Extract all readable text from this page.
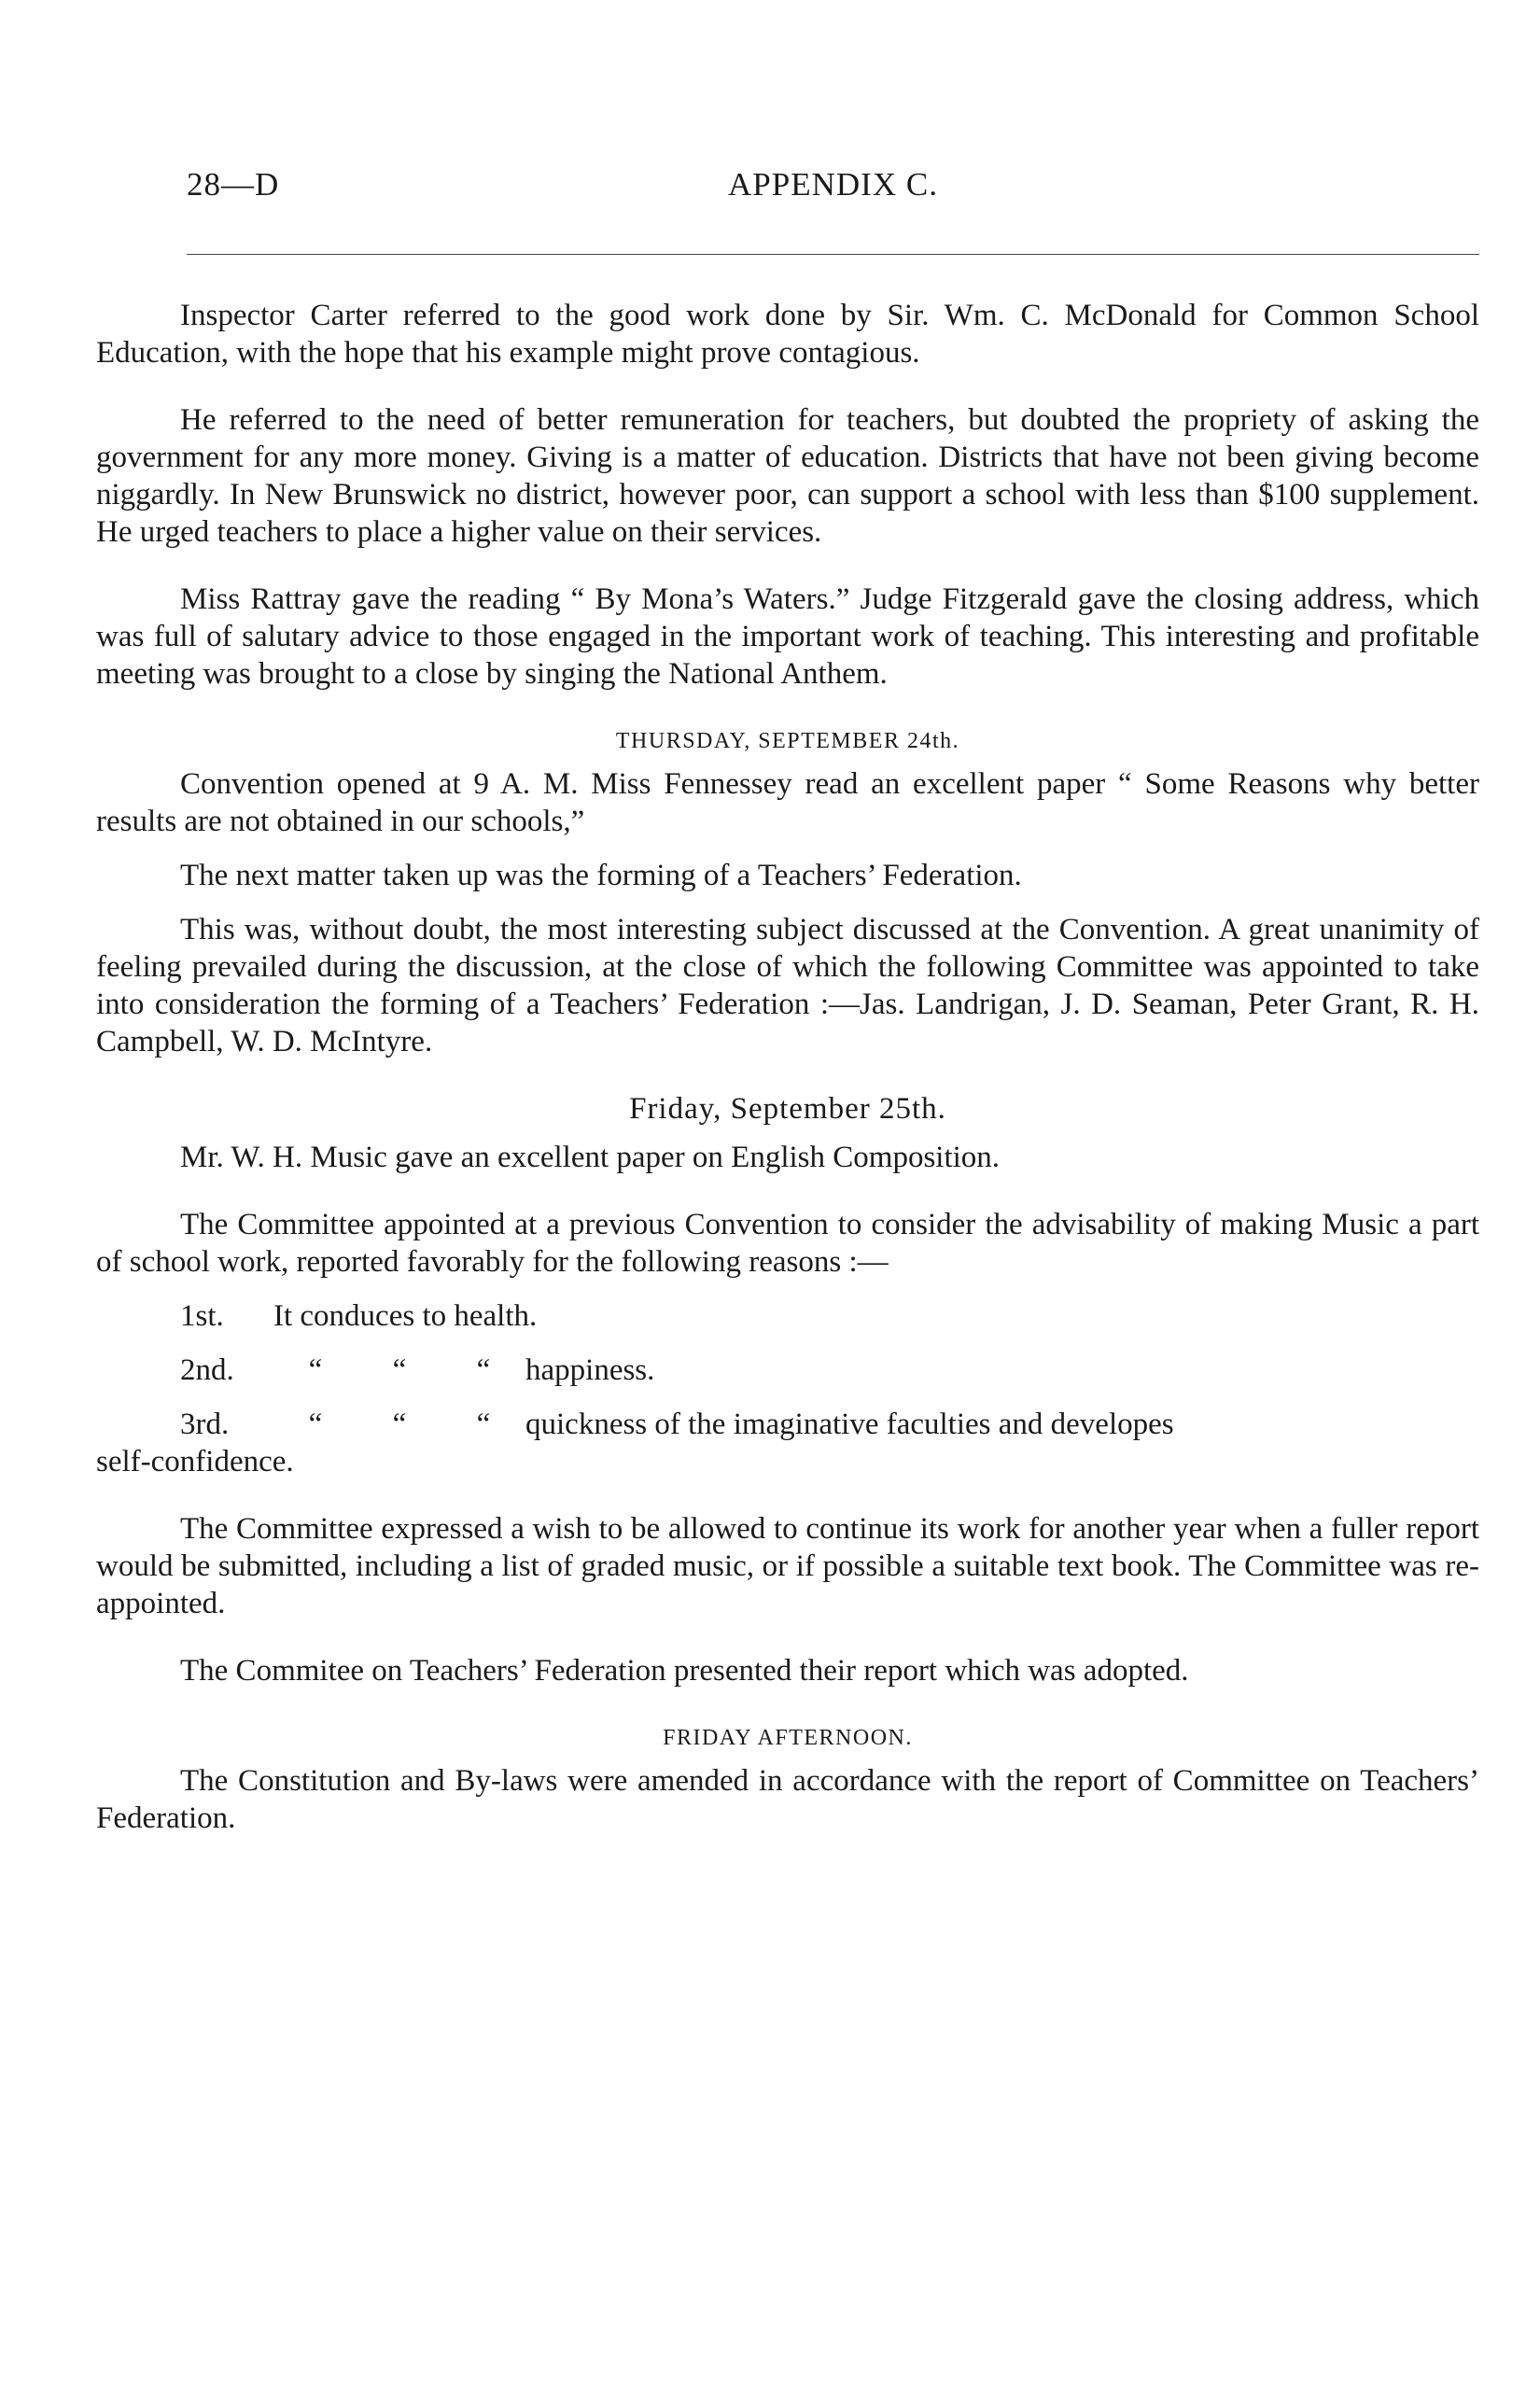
28—D	APPENDIX C.

Inspector Carter referred to the good work done by Sir. Wm. C. McDonald for Common School Education, with the hope that his example might prove contagious.

He referred to the need of better remuneration for teachers, but doubted the propriety of asking the government for any more money. Giving is a matter of education. Districts that have not been giving become niggardly. In New Brunswick no district, however poor, can support a school with less than $100 supplement. He urged teachers to place a higher value on their services.

Miss Rattray gave the reading “ By Mona’s Waters.” Judge Fitzgerald gave the closing address, which was full of salutary advice to those engaged in the important work of teaching. This interesting and profitable meeting was brought to a close by singing the National Anthem.

THURSDAY, SEPTEMBER 24th.

Convention opened at 9 A. M. Miss Fennessey read an excellent paper “ Some Reasons why better results are not obtained in our schools,”

The next matter taken up was the forming of a Teachers’ Federation.

This was, without doubt, the most interesting subject discussed at the Convention. A great unanimity of feeling prevailed during the discussion, at the close of which the following Committee was appointed to take into consideration the forming of a Teachers’ Federation :—Jas. Landrigan, J. D. Seaman, Peter Grant, R. H. Campbell, W. D. McIntyre.

Friday, September 25th.

Mr. W. H. Music gave an excellent paper on English Composition.

The Committee appointed at a previous Convention to consider the advisability of making Music a part of school work, reported favorably for the following reasons :—

1st.	It conduces to health.
2nd.	“	“	“	happiness.
3rd.	“	“	“	quickness of the imaginative faculties and developes
self-confidence.

The Committee expressed a wish to be allowed to continue its work for another year when a fuller report would be submitted, including a list of graded music, or if possible a suitable text book. The Committee was re-appointed.

The Commitee on Teachers’ Federation presented their report which was adopted.

FRIDAY AFTERNOON.

The Constitution and By-laws were amended in accordance with the report of Committee on Teachers’ Federation.
